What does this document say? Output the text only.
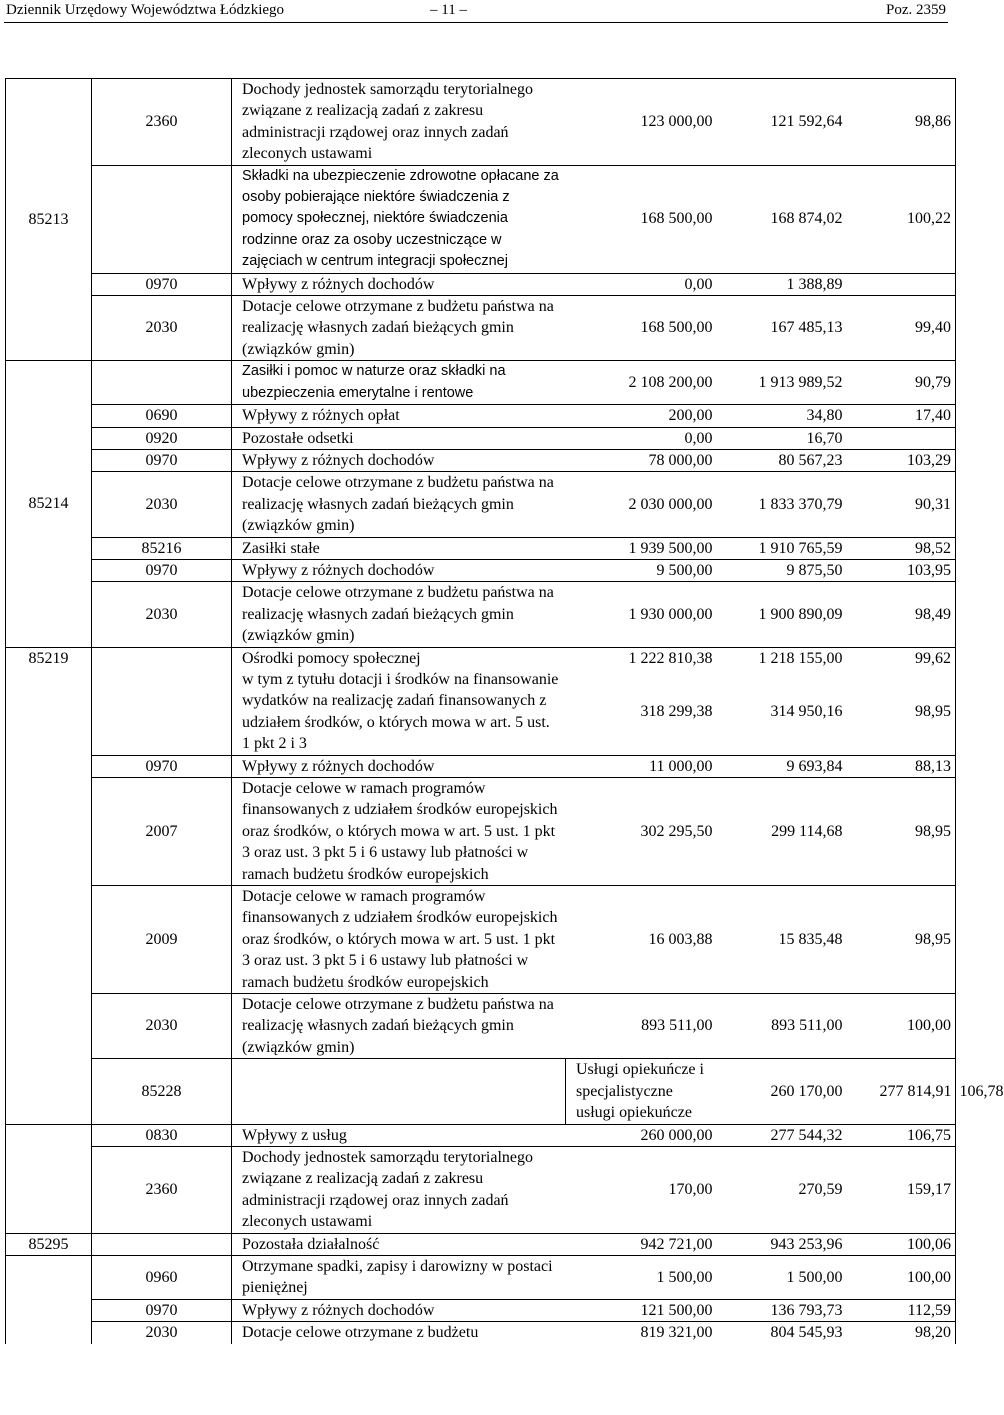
Dziennik Urzędowy Województwa Łódzkiego	– 11 –	Poz. 2359
85213	2360	Dochody jednostek samorządu terytorialnego związane z realizacją zadań z zakresu administracji rządowej oraz innych zadań zleconych ustawami	123 000,00	121 592,64	98,86	
		Składki na ubezpieczenie zdrowotne opłacane za osoby pobierające niektóre świadczenia z pomocy społecznej, niektóre świadczenia rodzinne oraz za osoby uczestniczące w zajęciach w centrum integracji społecznej	168 500,00	168 874,02	100,22	
	0970	Wpływy z różnych dochodów	0,00	1 388,89		
	2030	Dotacje celowe otrzymane z budżetu państwa na realizację własnych zadań bieżących gmin (związków gmin)	168 500,00	167 485,13	99,40	
85214		Zasiłki i pomoc w naturze oraz składki na ubezpieczenia emerytalne i rentowe	2 108 200,00	1 913 989,52	90,79	
	0690	Wpływy z różnych opłat	200,00	34,80	17,40	
	0920	Pozostałe odsetki	0,00	16,70		
	0970	Wpływy z różnych dochodów	78 000,00	80 567,23	103,29	
	2030	Dotacje celowe otrzymane z budżetu państwa na realizację własnych zadań bieżących gmin (związków gmin)	2 030 000,00	1 833 370,79	90,31	
	85216	Zasiłki stałe	1 939 500,00	1 910 765,59	98,52	
	0970	Wpływy z różnych dochodów	9 500,00	9 875,50	103,95	
	2030	Dotacje celowe otrzymane z budżetu państwa na realizację własnych zadań bieżących gmin (związków gmin)	1 930 000,00	1 900 890,09	98,49	
85219		Ośrodki pomocy społecznej	1 222 810,38	1 218 155,00	99,62	
		w tym z tytułu dotacji i środków na finansowanie wydatków na realizację zadań finansowanych z udziałem środków, o których mowa w art. 5 ust. 1 pkt 2 i 3	318 299,38	314 950,16	98,95	
	0970	Wpływy z różnych dochodów	11 000,00	9 693,84	88,13	
	2007	Dotacje celowe w ramach programów finansowanych z udziałem środków europejskich oraz środków, o których mowa w art. 5 ust. 1 pkt 3 oraz ust. 3 pkt 5 i 6 ustawy lub płatności w ramach budżetu środków europejskich	302 295,50	299 114,68	98,95	
	2009	Dotacje celowe w ramach programów finansowanych z udziałem środków europejskich oraz środków, o których mowa w art. 5 ust. 1 pkt 3 oraz ust. 3 pkt 5 i 6 ustawy lub płatności w ramach budżetu środków europejskich	16 003,88	15 835,48	98,95	
	2030	Dotacje celowe otrzymane z budżetu państwa na realizację własnych zadań bieżących gmin (związków gmin)	893 511,00	893 511,00	100,00	
	85228		Usługi opiekuńcze i specjalistyczne usługi opiekuńcze	260 170,00	277 814,91	106,78
	0830	Wpływy z usług	260 000,00	277 544,32	106,75	
	2360	Dochody jednostek samorządu terytorialnego związane z realizacją zadań z zakresu administracji rządowej oraz innych zadań zleconych ustawami	170,00	270,59	159,17	
85295		Pozostała działalność	942 721,00	943 253,96	100,06	
	0960	Otrzymane spadki, zapisy i darowizny w postaci pieniężnej	1 500,00	1 500,00	100,00	
	0970	Wpływy z różnych dochodów	121 500,00	136 793,73	112,59	
	2030	Dotacje celowe otrzymane z budżetu	819 321,00	804 545,93	98,20	
